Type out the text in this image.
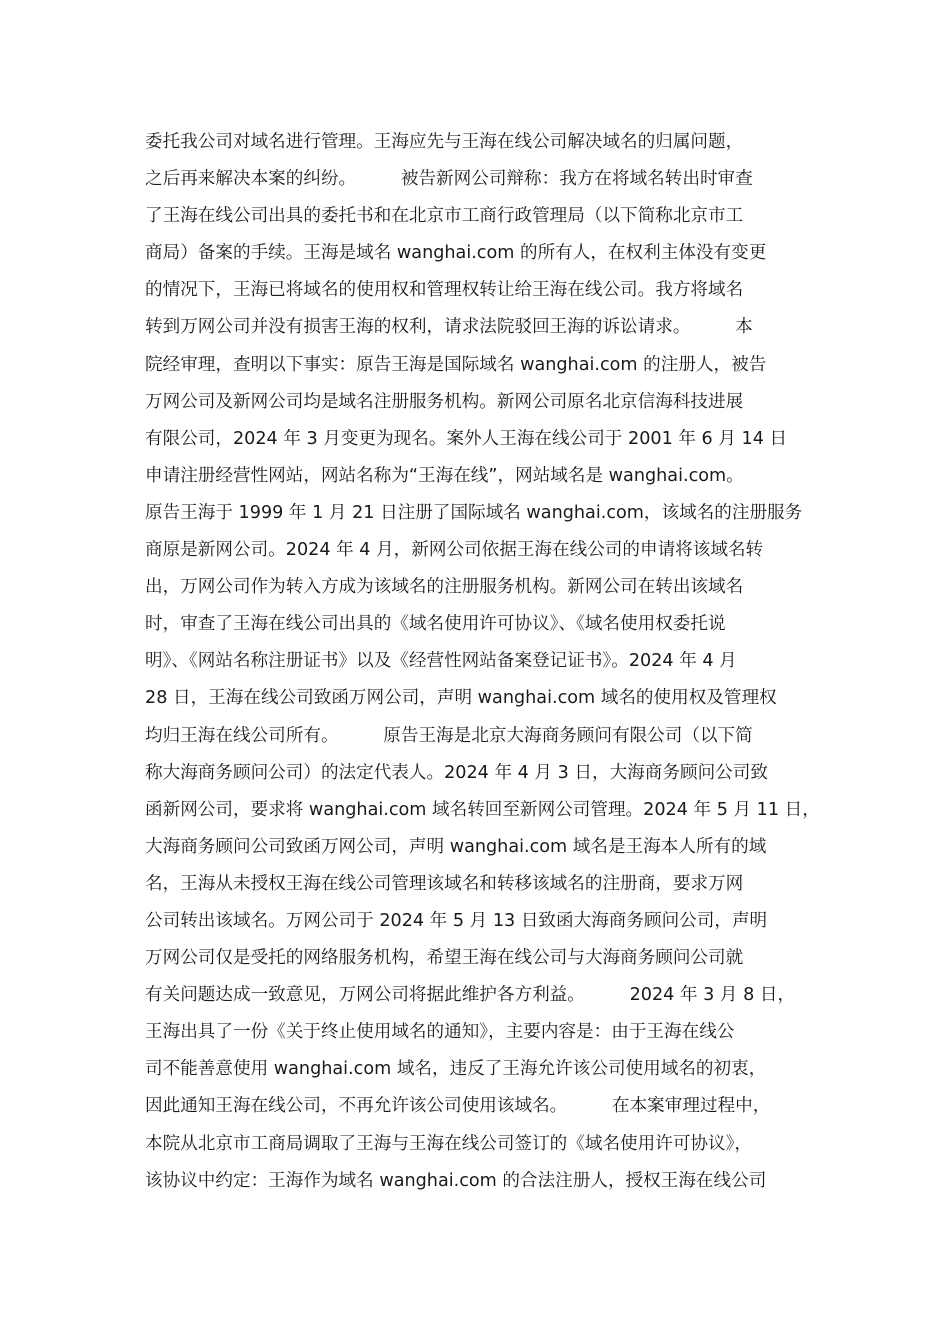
委托我公司对域名进行管理。王海应先与王海在线公司解决域名的归属问题，
之后再来解决本案的纠纷。        被告新网公司辩称：我方在将域名转出时审查
了王海在线公司出具的委托书和在北京市工商行政管理局（以下简称北京市工
商局）备案的手续。王海是域名 wanghai.com 的所有人，在权利主体没有变更
的情况下，王海已将域名的使用权和管理权转让给王海在线公司。我方将域名
转到万网公司并没有损害王海的权利，请求法院驳回王海的诉讼请求。        本
院经审理，查明以下事实：原告王海是国际域名 wanghai.com 的注册人，被告
万网公司及新网公司均是域名注册服务机构。新网公司原名北京信海科技进展
有限公司，2024 年 3 月变更为现名。案外人王海在线公司于 2001 年 6 月 14 日
申请注册经营性网站，网站名称为“王海在线”，网站域名是 wanghai.com。
原告王海于 1999 年 1 月 21 日注册了国际域名 wanghai.com，该域名的注册服务
商原是新网公司。2024 年 4 月，新网公司依据王海在线公司的申请将该域名转
出，万网公司作为转入方成为该域名的注册服务机构。新网公司在转出该域名
时，审查了王海在线公司出具的《域名使用许可协议》、《域名使用权委托说
明》、《网站名称注册证书》以及《经营性网站备案登记证书》。2024 年 4 月
28 日，王海在线公司致函万网公司，声明 wanghai.com 域名的使用权及管理权
均归王海在线公司所有。        原告王海是北京大海商务顾问有限公司（以下简
称大海商务顾问公司）的法定代表人。2024 年 4 月 3 日，大海商务顾问公司致
函新网公司，要求将 wanghai.com 域名转回至新网公司管理。2024 年 5 月 11 日，
大海商务顾问公司致函万网公司，声明 wanghai.com 域名是王海本人所有的域
名，王海从未授权王海在线公司管理该域名和转移该域名的注册商，要求万网
公司转出该域名。万网公司于 2024 年 5 月 13 日致函大海商务顾问公司，声明
万网公司仅是受托的网络服务机构，希望王海在线公司与大海商务顾问公司就
有关问题达成一致意见，万网公司将据此维护各方利益。        2024 年 3 月 8 日，
王海出具了一份《关于终止使用域名的通知》，主要内容是：由于王海在线公
司不能善意使用 wanghai.com 域名，违反了王海允许该公司使用域名的初衷，
因此通知王海在线公司，不再允许该公司使用该域名。        在本案审理过程中，
本院从北京市工商局调取了王海与王海在线公司签订的《域名使用许可协议》，
该协议中约定：王海作为域名 wanghai.com 的合法注册人，授权王海在线公司
